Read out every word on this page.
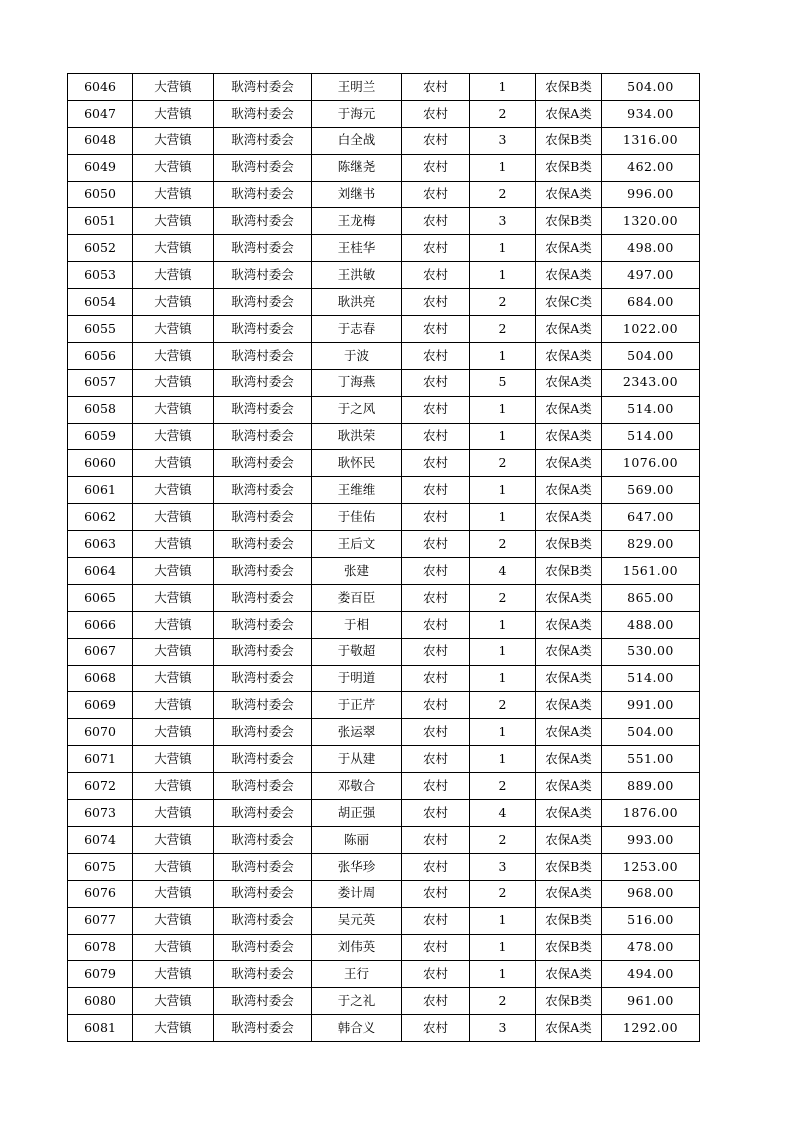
6046	大营镇	耿湾村委会	王明兰	农村	1	农保B类	504.00
6047	大营镇	耿湾村委会	于海元	农村	2	农保A类	934.00
6048	大营镇	耿湾村委会	白全战	农村	3	农保B类	1316.00
6049	大营镇	耿湾村委会	陈继尧	农村	1	农保B类	462.00
6050	大营镇	耿湾村委会	刘继书	农村	2	农保A类	996.00
6051	大营镇	耿湾村委会	王龙梅	农村	3	农保B类	1320.00
6052	大营镇	耿湾村委会	王桂华	农村	1	农保A类	498.00
6053	大营镇	耿湾村委会	王洪敏	农村	1	农保A类	497.00
6054	大营镇	耿湾村委会	耿洪亮	农村	2	农保C类	684.00
6055	大营镇	耿湾村委会	于志春	农村	2	农保A类	1022.00
6056	大营镇	耿湾村委会	于波	农村	1	农保A类	504.00
6057	大营镇	耿湾村委会	丁海燕	农村	5	农保A类	2343.00
6058	大营镇	耿湾村委会	于之风	农村	1	农保A类	514.00
6059	大营镇	耿湾村委会	耿洪荣	农村	1	农保A类	514.00
6060	大营镇	耿湾村委会	耿怀民	农村	2	农保A类	1076.00
6061	大营镇	耿湾村委会	王维维	农村	1	农保A类	569.00
6062	大营镇	耿湾村委会	于佳佑	农村	1	农保A类	647.00
6063	大营镇	耿湾村委会	王后文	农村	2	农保B类	829.00
6064	大营镇	耿湾村委会	张建	农村	4	农保B类	1561.00
6065	大营镇	耿湾村委会	娄百臣	农村	2	农保A类	865.00
6066	大营镇	耿湾村委会	于相	农村	1	农保A类	488.00
6067	大营镇	耿湾村委会	于敬超	农村	1	农保A类	530.00
6068	大营镇	耿湾村委会	于明道	农村	1	农保A类	514.00
6069	大营镇	耿湾村委会	于正芹	农村	2	农保A类	991.00
6070	大营镇	耿湾村委会	张运翠	农村	1	农保A类	504.00
6071	大营镇	耿湾村委会	于从建	农村	1	农保A类	551.00
6072	大营镇	耿湾村委会	邓敬合	农村	2	农保A类	889.00
6073	大营镇	耿湾村委会	胡正强	农村	4	农保A类	1876.00
6074	大营镇	耿湾村委会	陈丽	农村	2	农保A类	993.00
6075	大营镇	耿湾村委会	张华珍	农村	3	农保B类	1253.00
6076	大营镇	耿湾村委会	娄计周	农村	2	农保A类	968.00
6077	大营镇	耿湾村委会	吴元英	农村	1	农保B类	516.00
6078	大营镇	耿湾村委会	刘伟英	农村	1	农保B类	478.00
6079	大营镇	耿湾村委会	王行	农村	1	农保A类	494.00
6080	大营镇	耿湾村委会	于之礼	农村	2	农保B类	961.00
6081	大营镇	耿湾村委会	韩合义	农村	3	农保A类	1292.00
